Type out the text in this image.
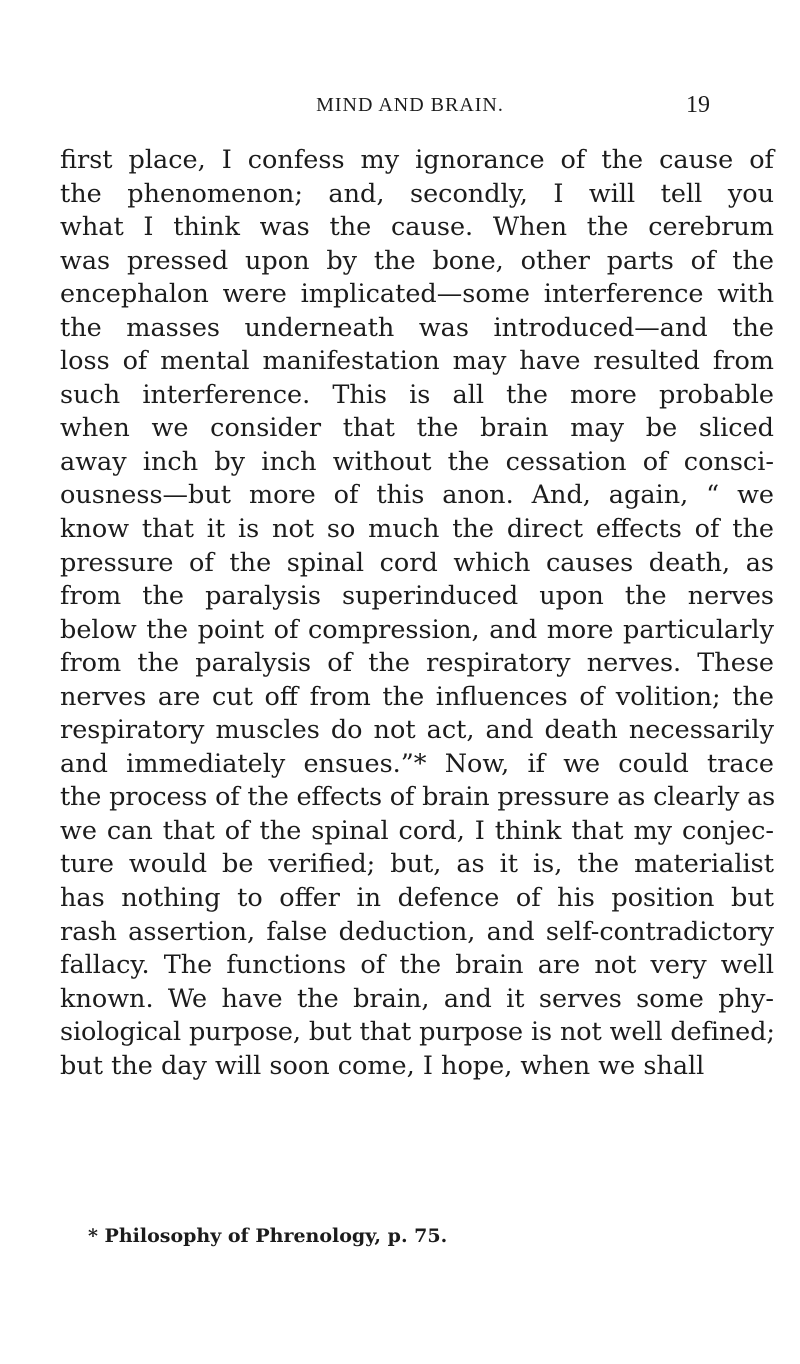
MIND AND BRAIN.	19
first place, I confess my ignorance of the cause of
the phenomenon; and, secondly, I will tell you
what I think was the cause. When the cerebrum
was pressed upon by the bone, other parts of the
encephalon were implicated—some interference with
the masses underneath was introduced—and the
loss of mental manifestation may have resulted from
such interference. This is all the more probable
when we consider that the brain may be sliced
away inch by inch without the cessation of consci-
ousness—but more of this anon. And, again, “ we
know that it is not so much the direct effects of the
pressure of the spinal cord which causes death, as
from the paralysis superinduced upon the nerves
below the point of compression, and more particularly
from the paralysis of the respiratory nerves. These
nerves are cut off from the influences of volition; the
respiratory muscles do not act, and death necessarily
and immediately ensues.”* Now, if we could trace
the process of the effects of brain pressure as clearly as
we can that of the spinal cord, I think that my conjec-
ture would be verified; but, as it is, the materialist
has nothing to offer in defence of his position but
rash assertion, false deduction, and self-contradictory
fallacy. The functions of the brain are not very well
known. We have the brain, and it serves some phy-
siological purpose, but that purpose is not well defined;
but the day will soon come, I hope, when we shall
* Philosophy of Phrenology, p. 75.
